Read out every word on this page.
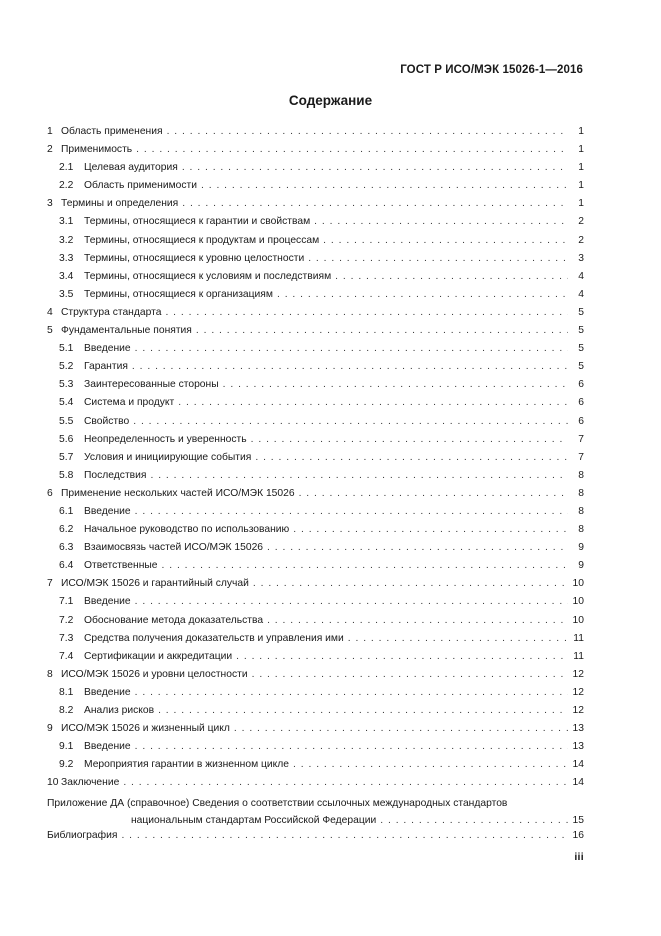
ГОСТ Р ИСО/МЭК 15026-1—2016
Содержание
1 Область применения . . .	1
2 Применимость . . .	1
2.1	Целевая аудитория . . .	1
2.2	Область применимости . . .	1
3 Термины и определения . . .	1
3.1	Термины, относящиеся к гарантии и свойствам . . .	2
3.2	Термины, относящиеся к продуктам и процессам . . .	2
3.3	Термины, относящиеся к уровню целостности . . .	3
3.4	Термины, относящиеся к условиям и последствиям . . .	4
3.5	Термины, относящиеся к организациям . . .	4
4 Структура стандарта . . .	5
5 Фундаментальные понятия . . .	5
5.1	Введение . . .	5
5.2	Гарантия . . .	5
5.3	Заинтересованные стороны . . .	6
5.4	Система и продукт . . .	6
5.5	Свойство . . .	6
5.6	Неопределенность и уверенность . . .	7
5.7	Условия и инициирующие события . . .	7
5.8	Последствия . . .	8
6 Применение нескольких частей ИСО/МЭК 15026 . . .	8
6.1	Введение . . .	8
6.2	Начальное руководство по использованию . . .	8
6.3	Взаимосвязь частей ИСО/МЭК 15026 . . .	9
6.4	Ответственные . . .	9
7 ИСО/МЭК 15026 и гарантийный случай . . .	10
7.1	Введение . . .	10
7.2	Обоснование метода доказательства . . .	10
7.3	Средства получения доказательств и управления ими . . .	11
7.4	Сертификации и аккредитации . . .	11
8 ИСО/МЭК 15026 и уровни целостности . . .	12
8.1	Введение . . .	12
8.2	Анализ рисков . . .	12
9 ИСО/МЭК 15026 и жизненный цикл . . .	13
9.1	Введение . . .	13
9.2	Мероприятия гарантии в жизненном цикле . . .	14
10 Заключение . . .	14
Приложение ДА (справочное) Сведения о соответствии ссылочных международных стандартов
национальным стандартам Российской Федерации . . .	15
Библиография . . .	16
iii
